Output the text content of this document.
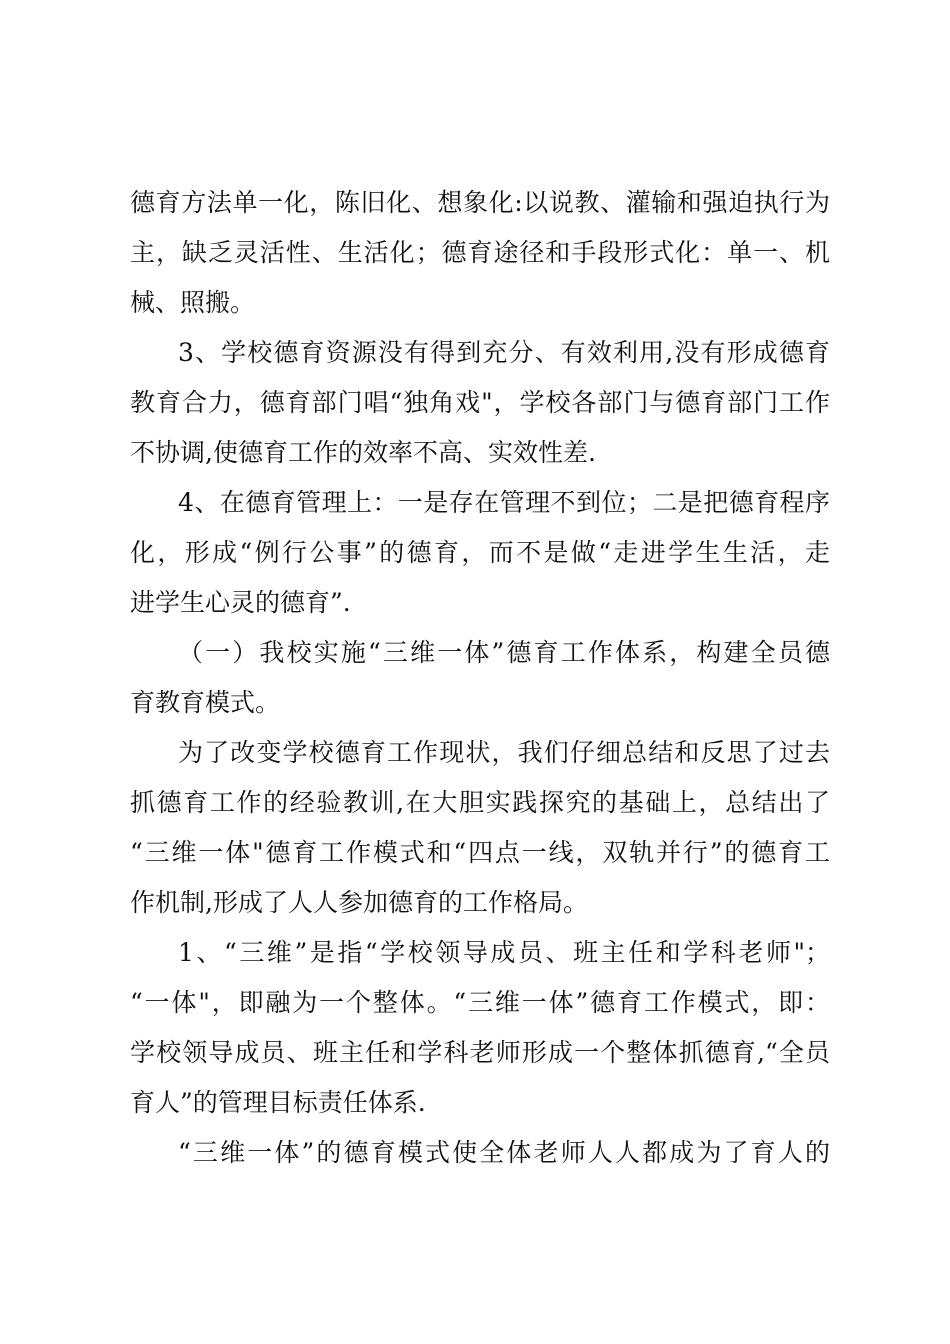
德育方法单一化，陈旧化、想象化:以说教、灌输和强迫执行为
主，缺乏灵活性、生活化；德育途径和手段形式化：单一、机
械、照搬。
3、学校德育资源没有得到充分、有效利用,没有形成德育
教育合力，德育部门唱“独角戏"，学校各部门与德育部门工作
不协调,使德育工作的效率不高、实效性差.
4、在德育管理上：一是存在管理不到位；二是把德育程序
化，形成“例行公事”的德育，而不是做“走进学生生活，走
进学生心灵的德育”.
（一）我校实施“三维一体”德育工作体系，构建全员德
育教育模式。
为了改变学校德育工作现状，我们仔细总结和反思了过去
抓德育工作的经验教训,在大胆实践探究的基础上，总结出了
“三维一体"德育工作模式和“四点一线，双轨并行”的德育工
作机制,形成了人人参加德育的工作格局。
1、“三维”是指“学校领导成员、班主任和学科老师"；
“一体"，即融为一个整体。“三维一体”德育工作模式，即：
学校领导成员、班主任和学科老师形成一个整体抓德育,“全员
育人”的管理目标责任体系.
“三维一体”的德育模式使全体老师人人都成为了育人的
